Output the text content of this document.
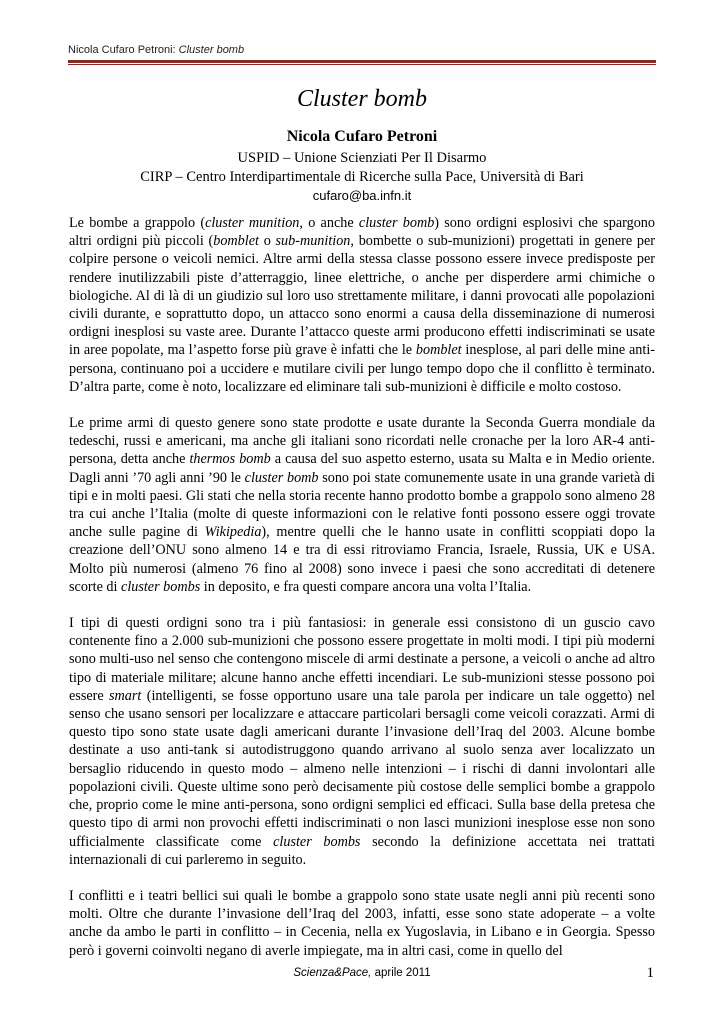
Nicola Cufaro Petroni: Cluster bomb
Cluster bomb
Nicola Cufaro Petroni
USPID – Unione Scienziati Per Il Disarmo
CIRP – Centro Interdipartimentale di Ricerche sulla Pace, Università di Bari
cufaro@ba.infn.it

Le bombe a grappolo (cluster munition, o anche cluster bomb) sono ordigni esplosivi che spargono altri ordigni più piccoli (bomblet o sub-munition, bombette o sub-munizioni) progettati in genere per colpire persone o veicoli nemici. Altre armi della stessa classe possono essere invece predisposte per rendere inutilizzabili piste d’atterraggio, linee elettriche, o anche per disperdere armi chimiche o biologiche. Al di là di un giudizio sul loro uso strettamente militare, i danni provocati alle popolazioni civili durante, e soprattutto dopo, un attacco sono enormi a causa della disseminazione di numerosi ordigni inesplosi su vaste aree. Durante l’attacco queste armi producono effetti indiscriminati se usate in aree popolate, ma l’aspetto forse più grave è infatti che le bomblet inesplose, al pari delle mine anti-persona, continuano poi a uccidere e mutilare civili per lungo tempo dopo che il conflitto è terminato. D’altra parte, come è noto, localizzare ed eliminare tali sub-munizioni è difficile e molto costoso.

Le prime armi di questo genere sono state prodotte e usate durante la Seconda Guerra mondiale da tedeschi, russi e americani, ma anche gli italiani sono ricordati nelle cronache per la loro AR-4 anti-persona, detta anche thermos bomb a causa del suo aspetto esterno, usata su Malta e in Medio oriente. Dagli anni ’70 agli anni ’90 le cluster bomb sono poi state comunemente usate in una grande varietà di tipi e in molti paesi. Gli stati che nella storia recente hanno prodotto bombe a grappolo sono almeno 28 tra cui anche l’Italia (molte di queste informazioni con le relative fonti possono essere oggi trovate anche sulle pagine di Wikipedia), mentre quelli che le hanno usate in conflitti scoppiati dopo la creazione dell’ONU sono almeno 14 e tra di essi ritroviamo Francia, Israele, Russia, UK e USA. Molto più numerosi (almeno 76 fino al 2008) sono invece i paesi che sono accreditati di detenere scorte di cluster bombs in deposito, e fra questi compare ancora una volta l’Italia.

I tipi di questi ordigni sono tra i più fantasiosi: in generale essi consistono di un guscio cavo contenente fino a 2.000 sub-munizioni che possono essere progettate in molti modi. I tipi più moderni sono multi-uso nel senso che contengono miscele di armi destinate a persone, a veicoli o anche ad altro tipo di materiale militare; alcune hanno anche effetti incendiari. Le sub-munizioni stesse possono poi essere smart (intelligenti, se fosse opportuno usare una tale parola per indicare un tale oggetto) nel senso che usano sensori per localizzare e attaccare particolari bersagli come veicoli corazzati. Armi di questo tipo sono state usate dagli americani durante l’invasione dell’Iraq del 2003. Alcune bombe destinate a uso anti-tank si autodistruggono quando arrivano al suolo senza aver localizzato un bersaglio riducendo in questo modo – almeno nelle intenzioni – i rischi di danni involontari alle popolazioni civili. Queste ultime sono però decisamente più costose delle semplici bombe a grappolo che, proprio come le mine anti-persona, sono ordigni semplici ed efficaci. Sulla base della pretesa che questo tipo di armi non provochi effetti indiscriminati o non lasci munizioni inesplose esse non sono ufficialmente classificate come cluster bombs secondo la definizione accettata nei trattati internazionali di cui parleremo in seguito.

I conflitti e i teatri bellici sui quali le bombe a grappolo sono state usate negli anni più recenti sono molti. Oltre che durante l’invasione dell’Iraq del 2003, infatti, esse sono state adoperate – a volte anche da ambo le parti in conflitto – in Cecenia, nella ex Yugoslavia, in Libano e in Georgia. Spesso però i governi coinvolti negano di averle impiegate, ma in altri casi, come in quello del

Scienza&Pace, aprile 2011	1
